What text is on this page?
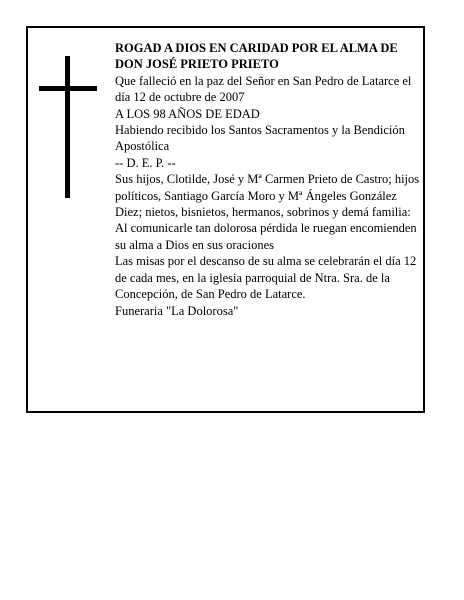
ROGAD A DIOS EN CARIDAD POR EL ALMA DE

DON JOSÉ PRIETO PRIETO

Que falleció en la paz del Señor en San Pedro de Latarce el día 12 de octubre de 2007

A LOS 98 AÑOS DE EDAD

Habiendo recibido los Santos Sacramentos y la Bendición Apostólica

-- D. E. P. --

Sus hijos, Clotilde, José y Mª Carmen Prieto de Castro; hijos políticos, Santiago García Moro y Mª Ángeles González Diez; nietos, bisnietos, hermanos, sobrinos y demá familia:

Al comunicarle tan dolorosa pérdida le ruegan encomienden su alma a Dios en sus oraciones

Las misas por el descanso de su alma se celebrarán el día 12 de cada mes, en la iglesia parroquial de Ntra. Sra. de la Concepción, de San Pedro de Latarce.

Funeraria "La Dolorosa"
